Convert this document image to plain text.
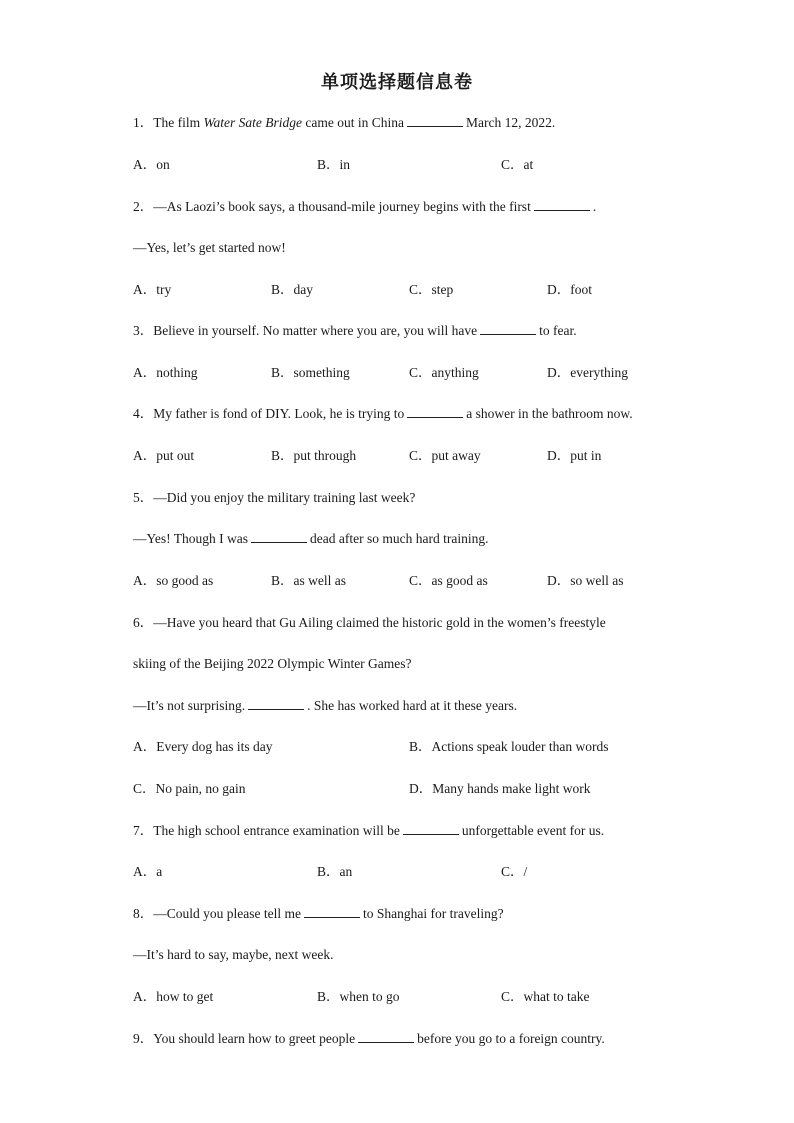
单项选择题信息卷
1．The film Water Sate Bridge came out in China	March 12, 2022.
A．on	B．in	C．at
2．—As Laozi’s book says, a thousand-mile journey begins with the first	.
—Yes, let’s get started now!
A．try	B．day	C．step	D．foot
3．Believe in yourself. No matter where you are, you will have	to fear.
A．nothing	B．something	C．anything	D．everything
4．My father is fond of DIY. Look, he is trying to	a shower in the bathroom now.
A．put out	B．put through	C．put away	D．put in
5．—Did you enjoy the military training last week?
—Yes! Though I was	dead after so much hard training.
A．so good as	B．as well as	C．as good as	D．so well as
6．—Have you heard that Gu Ailing claimed the historic gold in the women’s freestyle
skiing of the Beijing 2022 Olympic Winter Games?
—It’s not surprising.	. She has worked hard at it these years.
A．Every dog has its day	B．Actions speak louder than words
C．No pain, no gain	D．Many hands make light work
7．The high school entrance examination will be	unforgettable event for us.
A．a	B．an	C．/
8．—Could you please tell me	to Shanghai for traveling?
—It’s hard to say, maybe, next week.
A．how to get	B．when to go	C．what to take
9．You should learn how to greet people	before you go to a foreign country.
